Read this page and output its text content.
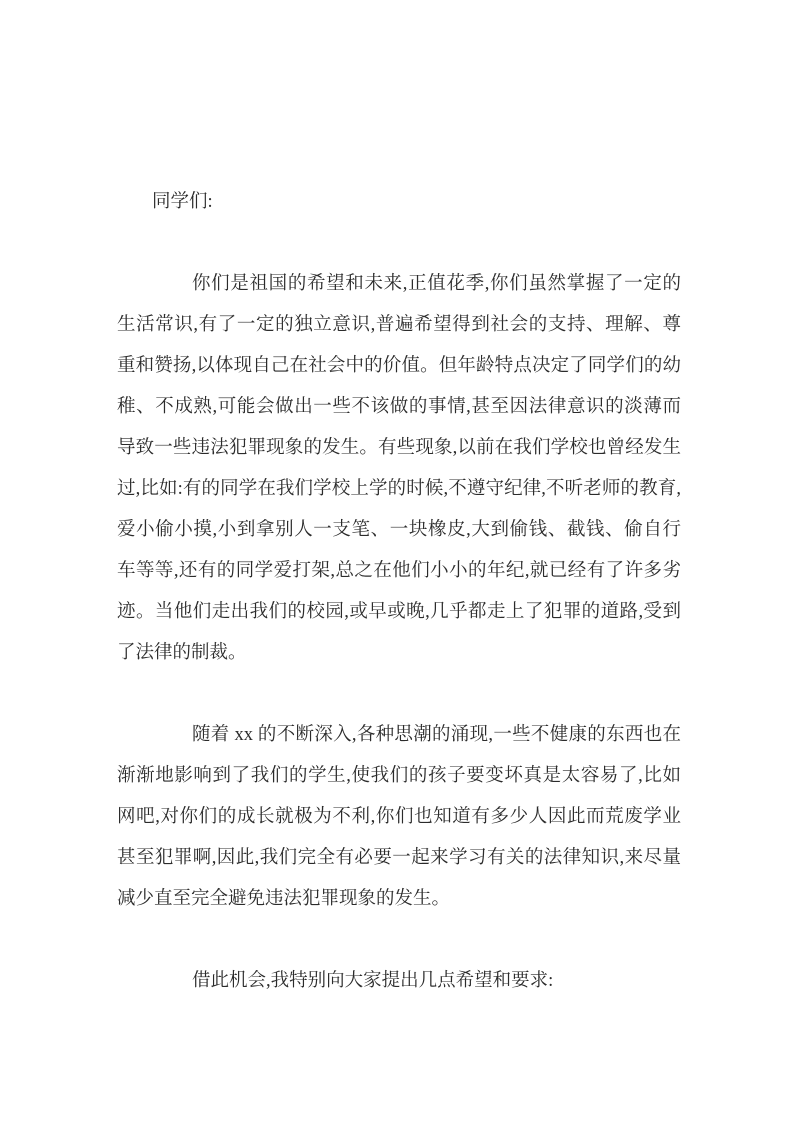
同学们:

你们是祖国的希望和未来,正值花季,你们虽然掌握了一定的生活常识,有了一定的独立意识,普遍希望得到社会的支持、理解、尊重和赞扬,以体现自己在社会中的价值。但年龄特点决定了同学们的幼稚、不成熟,可能会做出一些不该做的事情,甚至因法律意识的淡薄而导致一些违法犯罪现象的发生。有些现象,以前在我们学校也曾经发生过,比如:有的同学在我们学校上学的时候,不遵守纪律,不听老师的教育,爱小偷小摸,小到拿别人一支笔、一块橡皮,大到偷钱、截钱、偷自行车等等,还有的同学爱打架,总之在他们小小的年纪,就已经有了许多劣迹。当他们走出我们的校园,或早或晚,几乎都走上了犯罪的道路,受到了法律的制裁。

随着 xx 的不断深入,各种思潮的涌现,一些不健康的东西也在渐渐地影响到了我们的学生,使我们的孩子要变坏真是太容易了,比如网吧,对你们的成长就极为不利,你们也知道有多少人因此而荒废学业甚至犯罪啊,因此,我们完全有必要一起来学习有关的法律知识,来尽量减少直至完全避免违法犯罪现象的发生。

借此机会,我特别向大家提出几点希望和要求:
